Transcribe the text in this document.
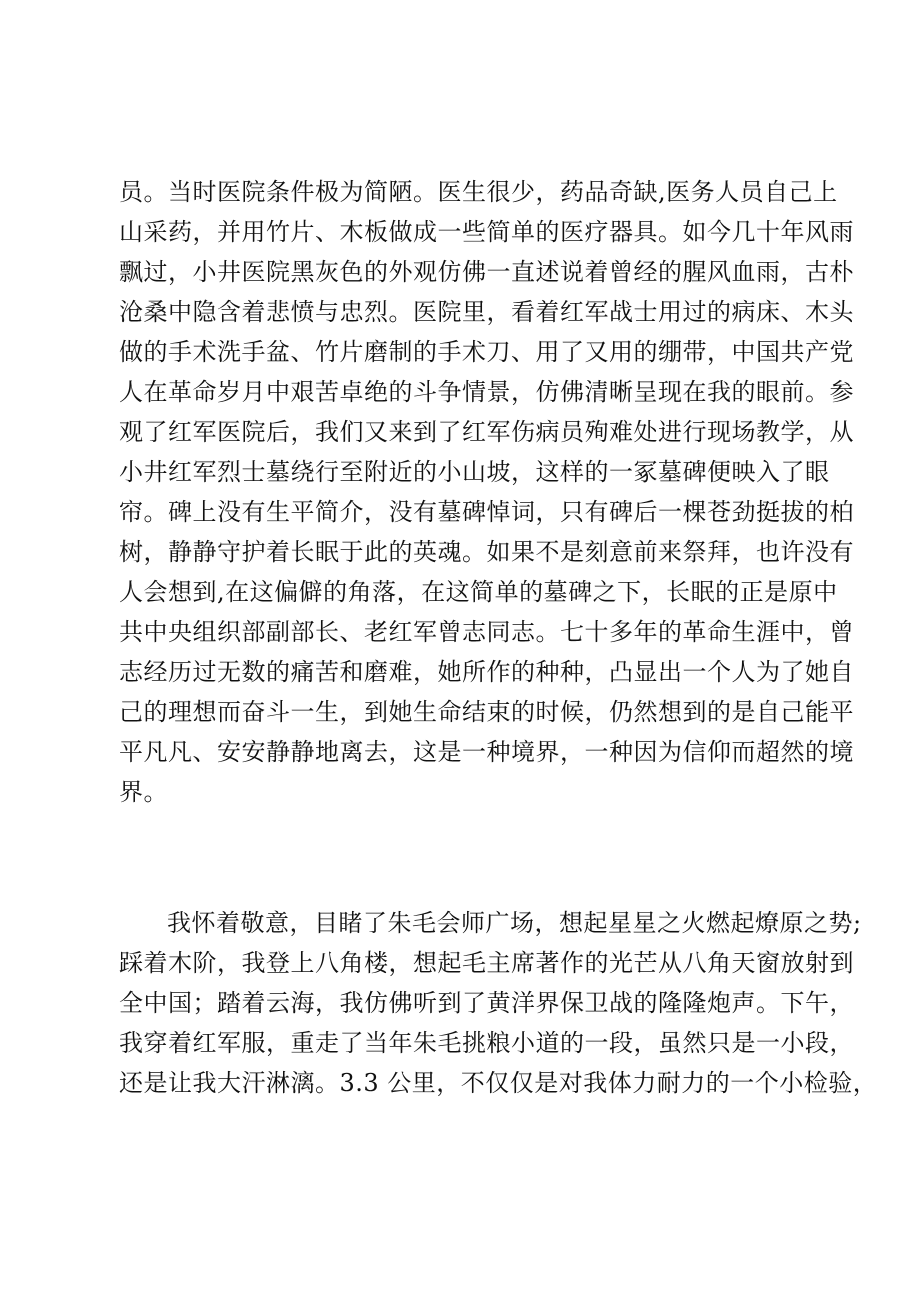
员。当时医院条件极为简陋。医生很少，药品奇缺,医务人员自己上
山采药，并用竹片、木板做成一些简单的医疗器具。如今几十年风雨
飘过，小井医院黑灰色的外观仿佛一直述说着曾经的腥风血雨，古朴
沧桑中隐含着悲愤与忠烈。医院里，看着红军战士用过的病床、木头
做的手术洗手盆、竹片磨制的手术刀、用了又用的绷带，中国共产党
人在革命岁月中艰苦卓绝的斗争情景，仿佛清晰呈现在我的眼前。参
观了红军医院后，我们又来到了红军伤病员殉难处进行现场教学，从
小井红军烈士墓绕行至附近的小山坡，这样的一冢墓碑便映入了眼
帘。碑上没有生平简介，没有墓碑悼词，只有碑后一棵苍劲挺拔的柏
树，静静守护着长眠于此的英魂。如果不是刻意前来祭拜，也许没有
人会想到,在这偏僻的角落，在这简单的墓碑之下，长眠的正是原中
共中央组织部副部长、老红军曾志同志。七十多年的革命生涯中，曾
志经历过无数的痛苦和磨难，她所作的种种，凸显出一个人为了她自
己的理想而奋斗一生，到她生命结束的时候，仍然想到的是自己能平
平凡凡、安安静静地离去，这是一种境界，一种因为信仰而超然的境
界。
我怀着敬意，目睹了朱毛会师广场，想起星星之火燃起燎原之势;
踩着木阶，我登上八角楼，想起毛主席著作的光芒从八角天窗放射到
全中国；踏着云海，我仿佛听到了黄洋界保卫战的隆隆炮声。下午，
我穿着红军服，重走了当年朱毛挑粮小道的一段，虽然只是一小段，
还是让我大汗淋漓。3.3 公里，不仅仅是对我体力耐力的一个小检验，
